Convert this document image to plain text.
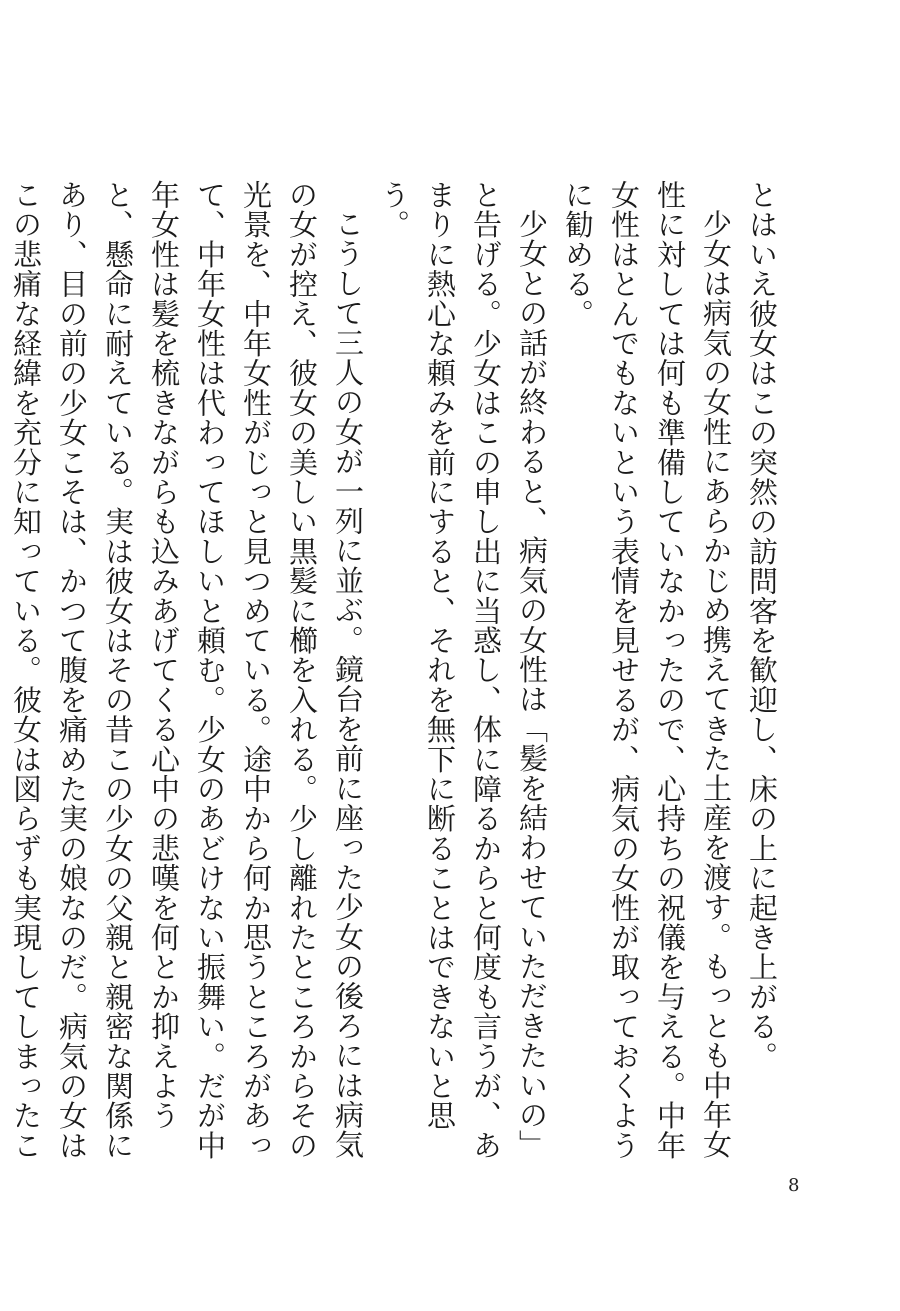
とはいえ彼女はこの突然の訪問客を歓迎し、床の上に起き上がる。

少女は病気の女性にあらかじめ携えてきた土産を渡す。もっとも中年女性に対しては何も準備していなかったので、心持ちの祝儀を与える。中年女性はとんでもないという表情を見せるが、病気の女性が取っておくように勧める。

少女との話が終わると、病気の女性は「髪を結わせていただきたいの」と告げる。少女はこの申し出に当惑し、体に障るからと何度も言うが、あまりに熱心な頼みを前にすると、それを無下に断ることはできないと思う。

こうして三人の女が一列に並ぶ。鏡台を前に座った少女の後ろには病気の女が控え、彼女の美しい黒髪に櫛を入れる。少し離れたところからその光景を、中年女性がじっと見つめている。途中から何か思うところがあって、中年女性は代わってほしいと頼む。少女のあどけない振舞い。だが中年女性は髪を梳きながらも込みあげてくる心中の悲嘆を何とか抑えようと、懸命に耐えている。実は彼女はその昔この少女の父親と親密な関係にあり、目の前の少女こそは、かつて腹を痛めた実の娘なのだ。病気の女はこの悲痛な経緯を充分に知っている。彼女は図らずも実現してしまったこ

8
